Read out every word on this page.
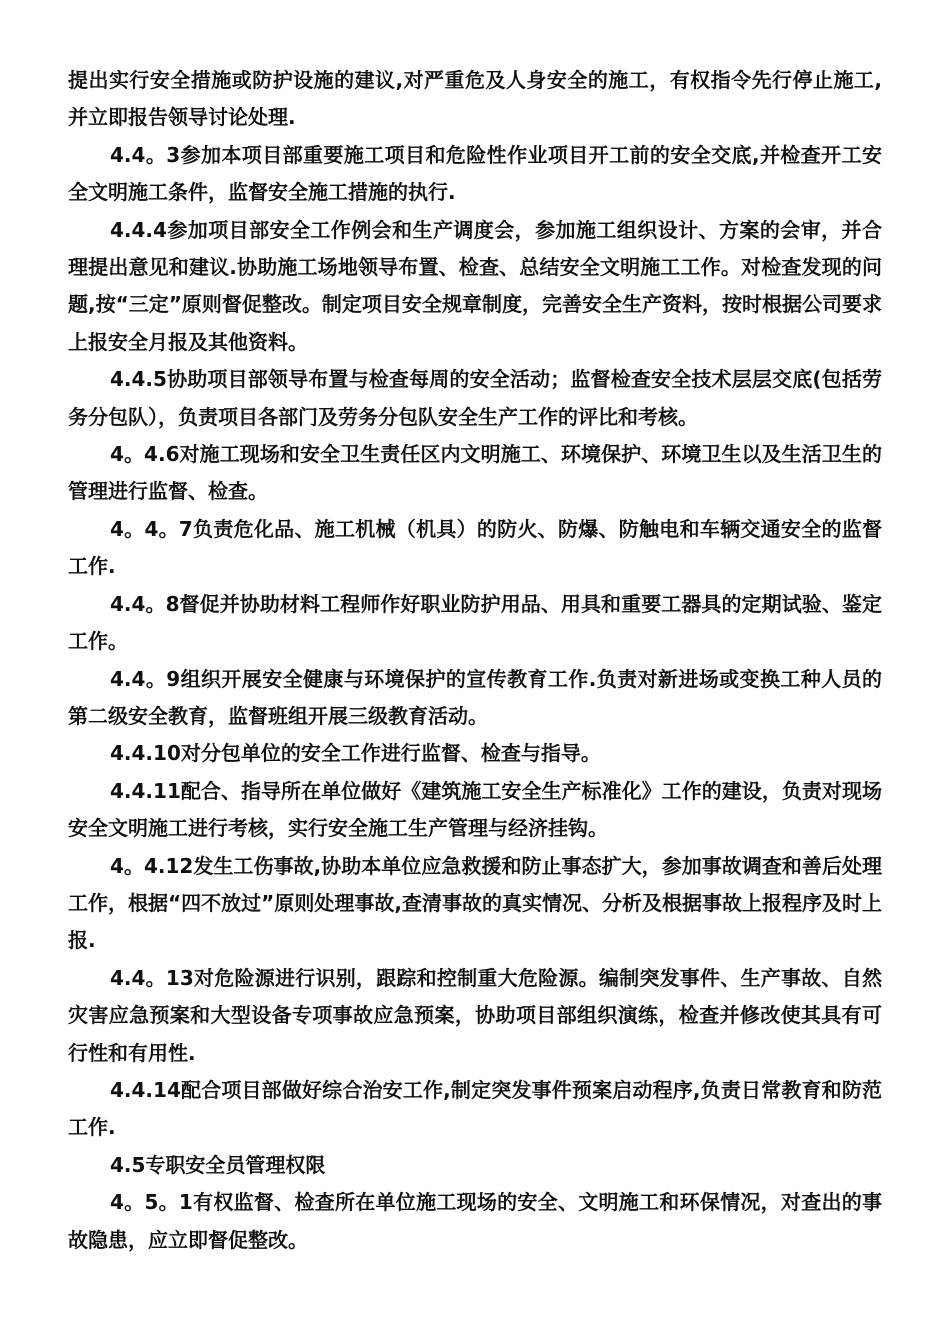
提出实行安全措施或防护设施的建议,对严重危及人身安全的施工，有权指令先行停止施工,并立即报告领导讨论处理.

4.4。3参加本项目部重要施工项目和危险性作业项目开工前的安全交底,并检查开工安全文明施工条件，监督安全施工措施的执行.

4.4.4参加项目部安全工作例会和生产调度会，参加施工组织设计、方案的会审，并合理提出意见和建议.协助施工场地领导布置、检查、总结安全文明施工工作。对检查发现的问题,按“三定”原则督促整改。制定项目安全规章制度，完善安全生产资料，按时根据公司要求上报安全月报及其他资料。

4.4.5协助项目部领导布置与检查每周的安全活动；监督检查安全技术层层交底(包括劳务分包队），负责项目各部门及劳务分包队安全生产工作的评比和考核。

4。4.6对施工现场和安全卫生责任区内文明施工、环境保护、环境卫生以及生活卫生的管理进行监督、检查。

4。4。7负责危化品、施工机械（机具）的防火、防爆、防触电和车辆交通安全的监督工作.

4.4。8督促并协助材料工程师作好职业防护用品、用具和重要工器具的定期试验、鉴定工作。

4.4。9组织开展安全健康与环境保护的宣传教育工作.负责对新进场或变换工种人员的第二级安全教育，监督班组开展三级教育活动。

4.4.10对分包单位的安全工作进行监督、检查与指导。

4.4.11配合、指导所在单位做好《建筑施工安全生产标准化》工作的建设，负责对现场安全文明施工进行考核，实行安全施工生产管理与经济挂钩。

4。4.12发生工伤事故,协助本单位应急救援和防止事态扩大，参加事故调查和善后处理工作，根据“四不放过”原则处理事故,查清事故的真实情况、分析及根据事故上报程序及时上报.

4.4。13对危险源进行识别，跟踪和控制重大危险源。编制突发事件、生产事故、自然灾害应急预案和大型设备专项事故应急预案，协助项目部组织演练，检查并修改使其具有可行性和有用性.

4.4.14配合项目部做好综合治安工作,制定突发事件预案启动程序,负责日常教育和防范工作.

4.5专职安全员管理权限

4。5。1有权监督、检查所在单位施工现场的安全、文明施工和环保情况，对查出的事故隐患，应立即督促整改。
